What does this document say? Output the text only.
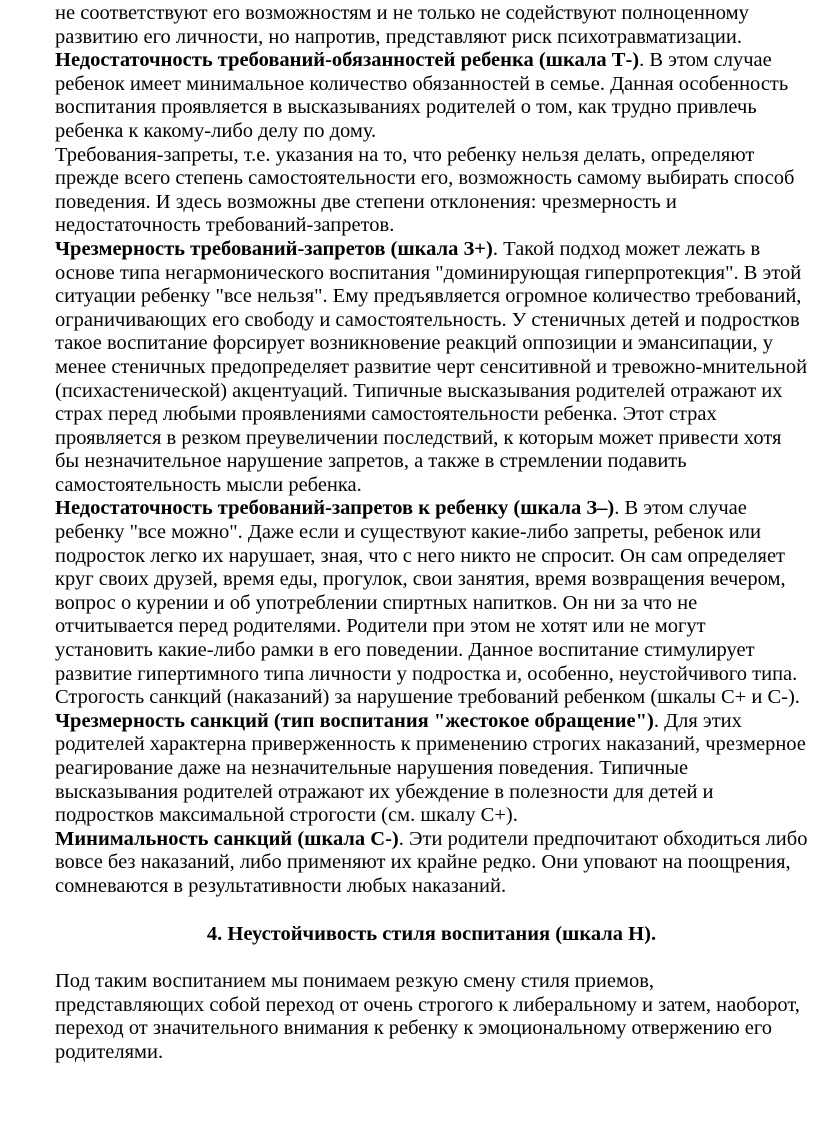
не соответствуют его возможностям и не только не содействуют полноценному развитию его личности, но напротив, представляют риск психотравматизации.

Недостаточность требований-обязанностей ребенка (шкала Т-). В этом случае ребенок имеет минимальное количество обязанностей в семье. Данная особенность воспитания проявляется в высказываниях родителей о том, как трудно привлечь ребенка к какому-либо делу по дому.

Требования-запреты, т.е. указания на то, что ребенку нельзя делать, определяют прежде всего степень самостоятельности его, возможность самому выбирать способ поведения. И здесь возможны две степени отклонения: чрезмерность и недостаточность требований-запретов.

Чрезмерность требований-запретов (шкала З+). Такой подход может лежать в основе типа негармонического воспитания "доминирующая гиперпротекция". В этой ситуации ребенку "все нельзя". Ему предъявляется огромное количество требований, ограничивающих его свободу и самостоятельность. У стеничных детей и подростков такое воспитание форсирует возникновение реакций оппозиции и эмансипации, у менее стеничных предопределяет развитие черт сенситивной и тревожно-мнительной (психастенической) акцентуаций. Типичные высказывания родителей отражают их страх перед любыми проявлениями самостоятельности ребенка. Этот страх проявляется в резком преувеличении последствий, к которым может привести хотя бы незначительное нарушение запретов, а также в стремлении подавить самостоятельность мысли ребенка.

Недостаточность требований-запретов к ребенку (шкала З–). В этом случае ребенку "все можно". Даже если и существуют какие-либо запреты, ребенок или подросток легко их нарушает, зная, что с него никто не спросит. Он сам определяет круг своих друзей, время еды, прогулок, свои занятия, время возвращения вечером, вопрос о курении и об употреблении спиртных напитков. Он ни за что не отчитывается перед родителями. Родители при этом не хотят или не могут установить какие-либо рамки в его поведении. Данное воспитание стимулирует развитие гипертимного типа личности у подростка и, особенно, неустойчивого типа.

Строгость санкций (наказаний) за нарушение требований ребенком (шкалы С+ и С-).

Чрезмерность санкций (тип воспитания "жестокое обращение"). Для этих родителей характерна приверженность к применению строгих наказаний, чрезмерное реагирование даже на незначительные нарушения поведения. Типичные высказывания родителей отражают их убеждение в полезности для детей и подростков максимальной строгости (см. шкалу С+).

Минимальность санкций (шкала С-). Эти родители предпочитают обходиться либо вовсе без наказаний, либо применяют их крайне редко. Они уповают на поощрения, сомневаются в результативности любых наказаний.

4. Неустойчивость стиля воспитания (шкала Н).

Под таким воспитанием мы понимаем резкую смену стиля приемов, представляющих собой переход от очень строгого к либеральному и затем, наоборот, переход от значительного внимания к ребенку к эмоциональному отвержению его родителями.
